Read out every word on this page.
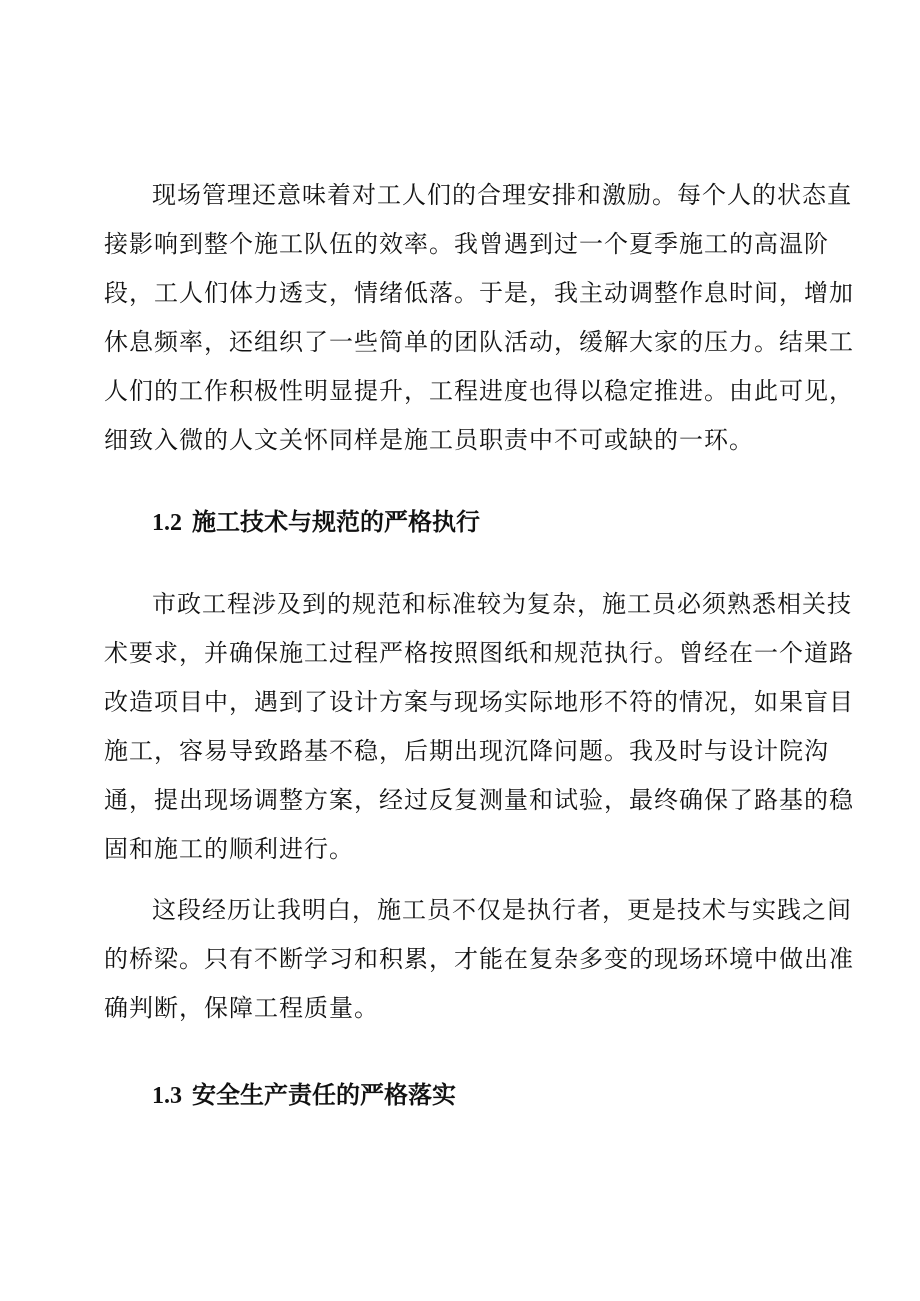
现场管理还意味着对工人们的合理安排和激励。每个人的状态直
接影响到整个施工队伍的效率。我曾遇到过一个夏季施工的高温阶
段，工人们体力透支，情绪低落。于是，我主动调整作息时间，增加
休息频率，还组织了一些简单的团队活动，缓解大家的压力。结果工
人们的工作积极性明显提升，工程进度也得以稳定推进。由此可见，
细致入微的人文关怀同样是施工员职责中不可或缺的一环。
1.2 施工技术与规范的严格执行
市政工程涉及到的规范和标准较为复杂，施工员必须熟悉相关技
术要求，并确保施工过程严格按照图纸和规范执行。曾经在一个道路
改造项目中，遇到了设计方案与现场实际地形不符的情况，如果盲目
施工，容易导致路基不稳，后期出现沉降问题。我及时与设计院沟
通，提出现场调整方案，经过反复测量和试验，最终确保了路基的稳
固和施工的顺利进行。
这段经历让我明白，施工员不仅是执行者，更是技术与实践之间
的桥梁。只有不断学习和积累，才能在复杂多变的现场环境中做出准
确判断，保障工程质量。
1.3 安全生产责任的严格落实
